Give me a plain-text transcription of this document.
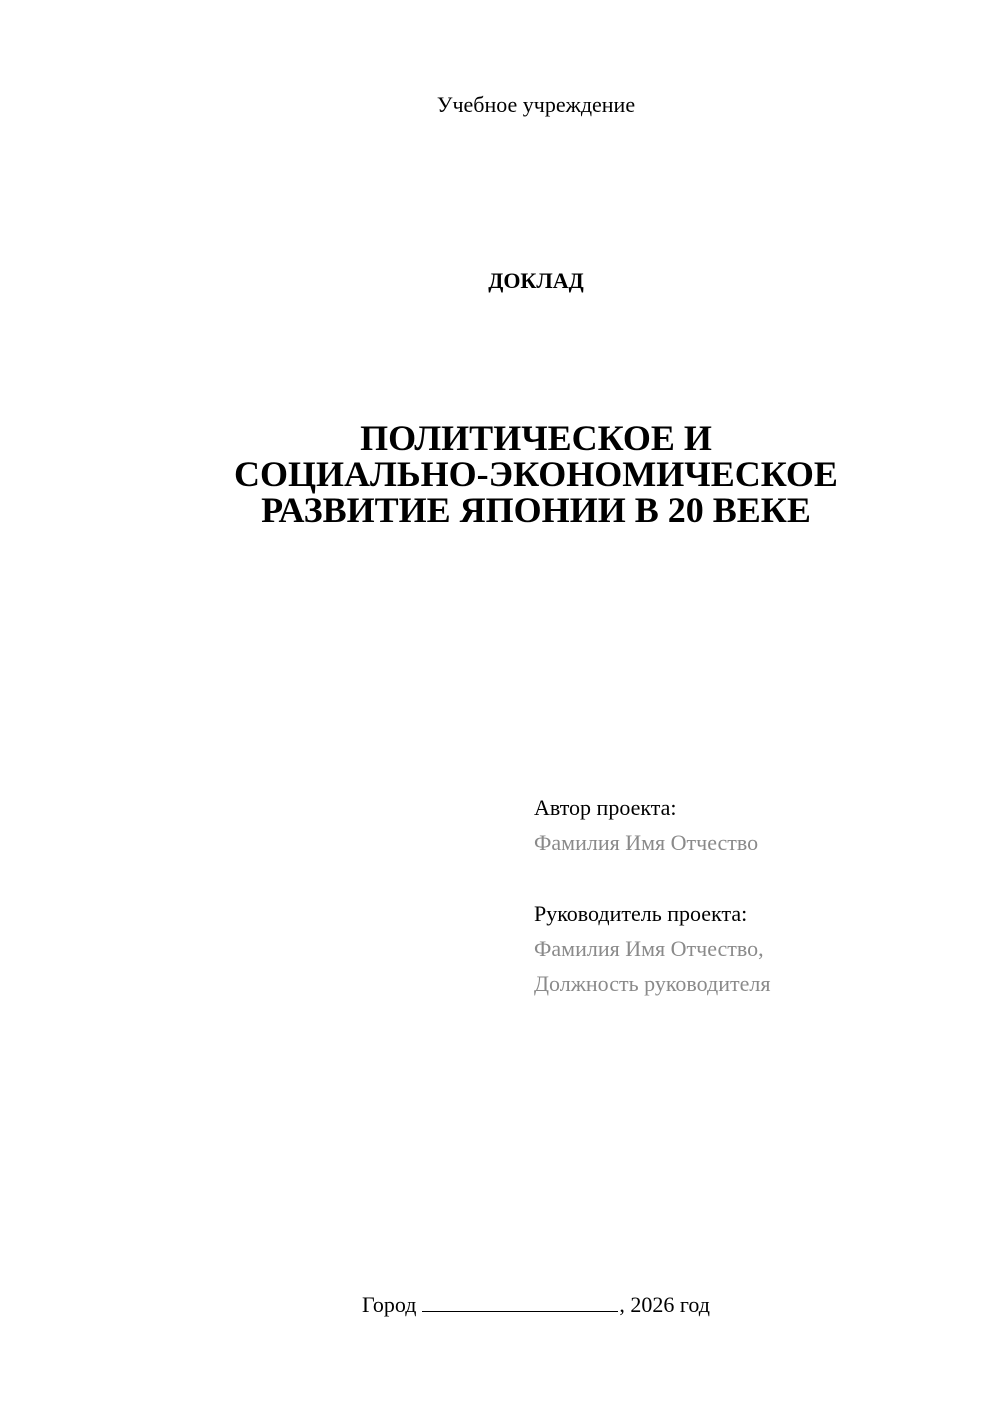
Учебное учреждение
ДОКЛАД
ПОЛИТИЧЕСКОЕ И
СОЦИАЛЬНО-ЭКОНОМИЧЕСКОЕ
РАЗВИТИЕ ЯПОНИИ В 20 ВЕКЕ
Автор проекта:
Фамилия Имя Отчество
Руководитель проекта:
Фамилия Имя Отчество,
Должность руководителя
Город	, 2026 год
